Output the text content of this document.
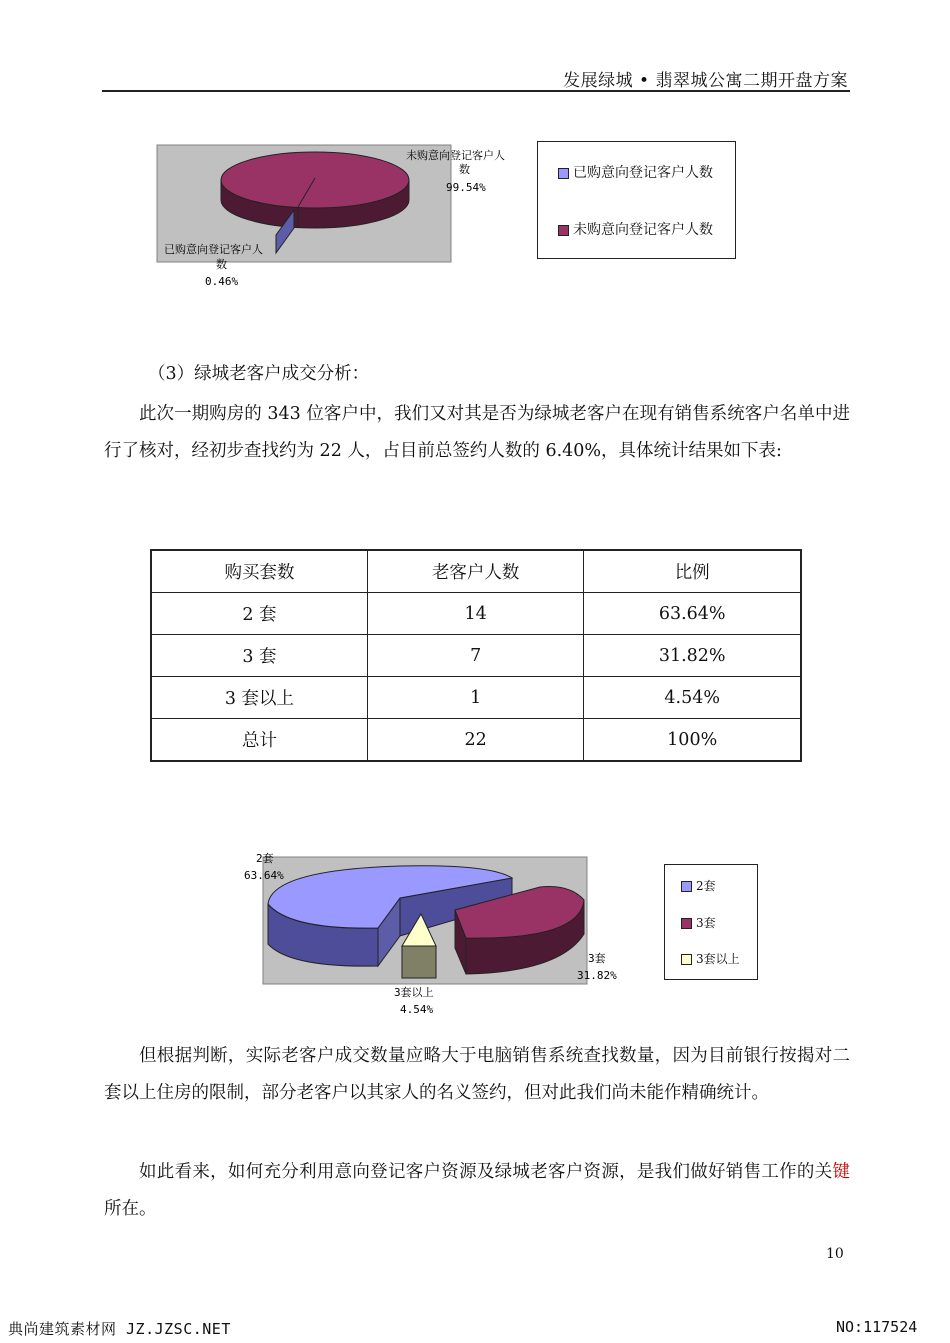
发展绿城 • 翡翠城公寓二期开盘方案
未购意向登记客户人
数
99.54%
已购意向登记客户人
数
0.46%
已购意向登记客户人数
未购意向登记客户人数
（3）绿城老客户成交分析：

此次一期购房的 343 位客户中，我们又对其是否为绿城老客户在现有销售系统客户名单中进行了核对，经初步查找约为 22 人，占目前总签约人数的 6.40%，具体统计结果如下表:

购买套数	老客户人数	比例
2 套	14	63.64%
3 套	7	31.82%
3 套以上	1	4.54%
总计	22	100%
2套
63.64%
3套
31.82%
3套以上
4.54%
2套
3套
3套以上

但根据判断，实际老客户成交数量应略大于电脑销售系统查找数量，因为目前银行按揭对二套以上住房的限制，部分老客户以其家人的名义签约，但对此我们尚未能作精确统计。

如此看来，如何充分利用意向登记客户资源及绿城老客户资源，是我们做好销售工作的关键所在。

10
典尚建筑素材网 JZ.JZSC.NET	NO:117524
